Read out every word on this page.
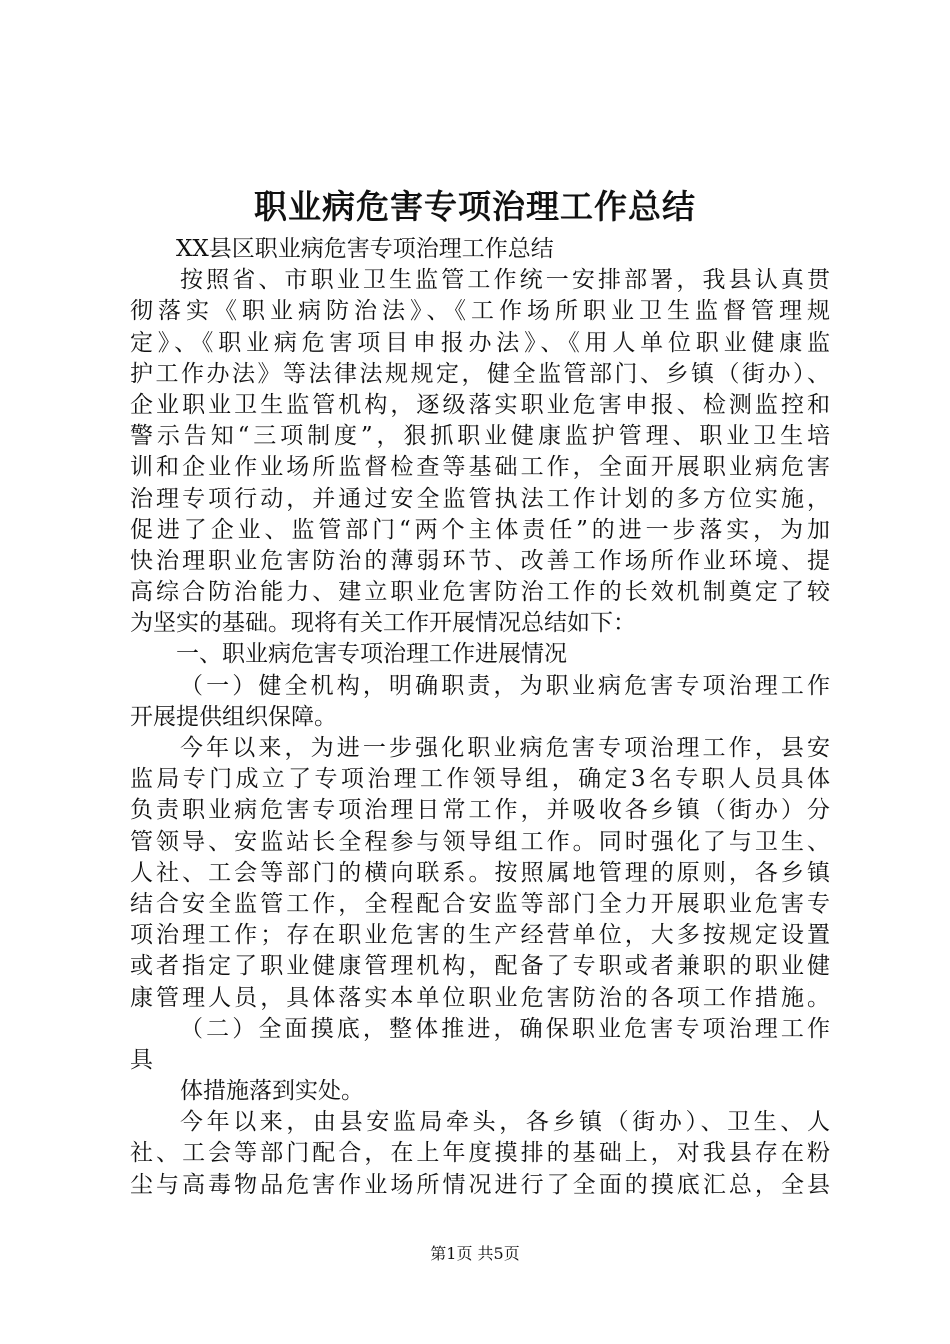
职业病危害专项治理工作总结
XX县区职业病危害专项治理工作总结
按照省、市职业卫生监管工作统一安排部署，我县认真贯
彻落实《职业病防治法》、《工作场所职业卫生监督管理规
定》、《职业病危害项目申报办法》、《用人单位职业健康监
护工作办法》等法律法规规定，健全监管部门、乡镇（街办）、
企业职业卫生监管机构，逐级落实职业危害申报、检测监控和
警示告知“三项制度”，狠抓职业健康监护管理、职业卫生培
训和企业作业场所监督检查等基础工作，全面开展职业病危害
治理专项行动，并通过安全监管执法工作计划的多方位实施，
促进了企业、监管部门“两个主体责任”的进一步落实，为加
快治理职业危害防治的薄弱环节、改善工作场所作业环境、提
高综合防治能力、建立职业危害防治工作的长效机制奠定了较
为坚实的基础。现将有关工作开展情况总结如下：
一、职业病危害专项治理工作进展情况
（一）健全机构，明确职责，为职业病危害专项治理工作
开展提供组织保障。
今年以来，为进一步强化职业病危害专项治理工作，县安
监局专门成立了专项治理工作领导组，确定3名专职人员具体
负责职业病危害专项治理日常工作，并吸收各乡镇（街办）分
管领导、安监站长全程参与领导组工作。同时强化了与卫生、
人社、工会等部门的横向联系。按照属地管理的原则，各乡镇
结合安全监管工作，全程配合安监等部门全力开展职业危害专
项治理工作；存在职业危害的生产经营单位，大多按规定设置
或者指定了职业健康管理机构，配备了专职或者兼职的职业健
康管理人员，具体落实本单位职业危害防治的各项工作措施。
（二）全面摸底，整体推进，确保职业危害专项治理工作
具
体措施落到实处。
今年以来，由县安监局牵头，各乡镇（街办）、卫生、人
社、工会等部门配合，在上年度摸排的基础上，对我县存在粉
尘与高毒物品危害作业场所情况进行了全面的摸底汇总，全县
第1页 共5页
